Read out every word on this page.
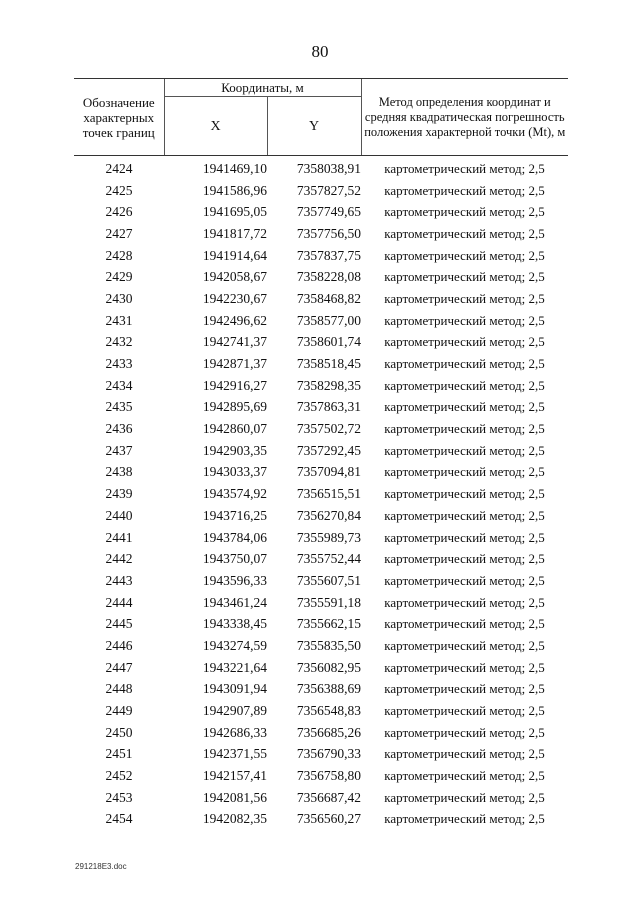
80
Обозначение характерных точек границ	Координаты, м		Метод определения координат и средняя квадратическая погрешность положения характерной точки (Mt), м
	X	Y	
2424	1941469,10	7358038,91	картометрический метод; 2,5
2425	1941586,96	7357827,52	картометрический метод; 2,5
2426	1941695,05	7357749,65	картометрический метод; 2,5
2427	1941817,72	7357756,50	картометрический метод; 2,5
2428	1941914,64	7357837,75	картометрический метод; 2,5
2429	1942058,67	7358228,08	картометрический метод; 2,5
2430	1942230,67	7358468,82	картометрический метод; 2,5
2431	1942496,62	7358577,00	картометрический метод; 2,5
2432	1942741,37	7358601,74	картометрический метод; 2,5
2433	1942871,37	7358518,45	картометрический метод; 2,5
2434	1942916,27	7358298,35	картометрический метод; 2,5
2435	1942895,69	7357863,31	картометрический метод; 2,5
2436	1942860,07	7357502,72	картометрический метод; 2,5
2437	1942903,35	7357292,45	картометрический метод; 2,5
2438	1943033,37	7357094,81	картометрический метод; 2,5
2439	1943574,92	7356515,51	картометрический метод; 2,5
2440	1943716,25	7356270,84	картометрический метод; 2,5
2441	1943784,06	7355989,73	картометрический метод; 2,5
2442	1943750,07	7355752,44	картометрический метод; 2,5
2443	1943596,33	7355607,51	картометрический метод; 2,5
2444	1943461,24	7355591,18	картометрический метод; 2,5
2445	1943338,45	7355662,15	картометрический метод; 2,5
2446	1943274,59	7355835,50	картометрический метод; 2,5
2447	1943221,64	7356082,95	картометрический метод; 2,5
2448	1943091,94	7356388,69	картометрический метод; 2,5
2449	1942907,89	7356548,83	картометрический метод; 2,5
2450	1942686,33	7356685,26	картометрический метод; 2,5
2451	1942371,55	7356790,33	картометрический метод; 2,5
2452	1942157,41	7356758,80	картометрический метод; 2,5
2453	1942081,56	7356687,42	картометрический метод; 2,5
2454	1942082,35	7356560,27	картометрический метод; 2,5
291218E3.doc
